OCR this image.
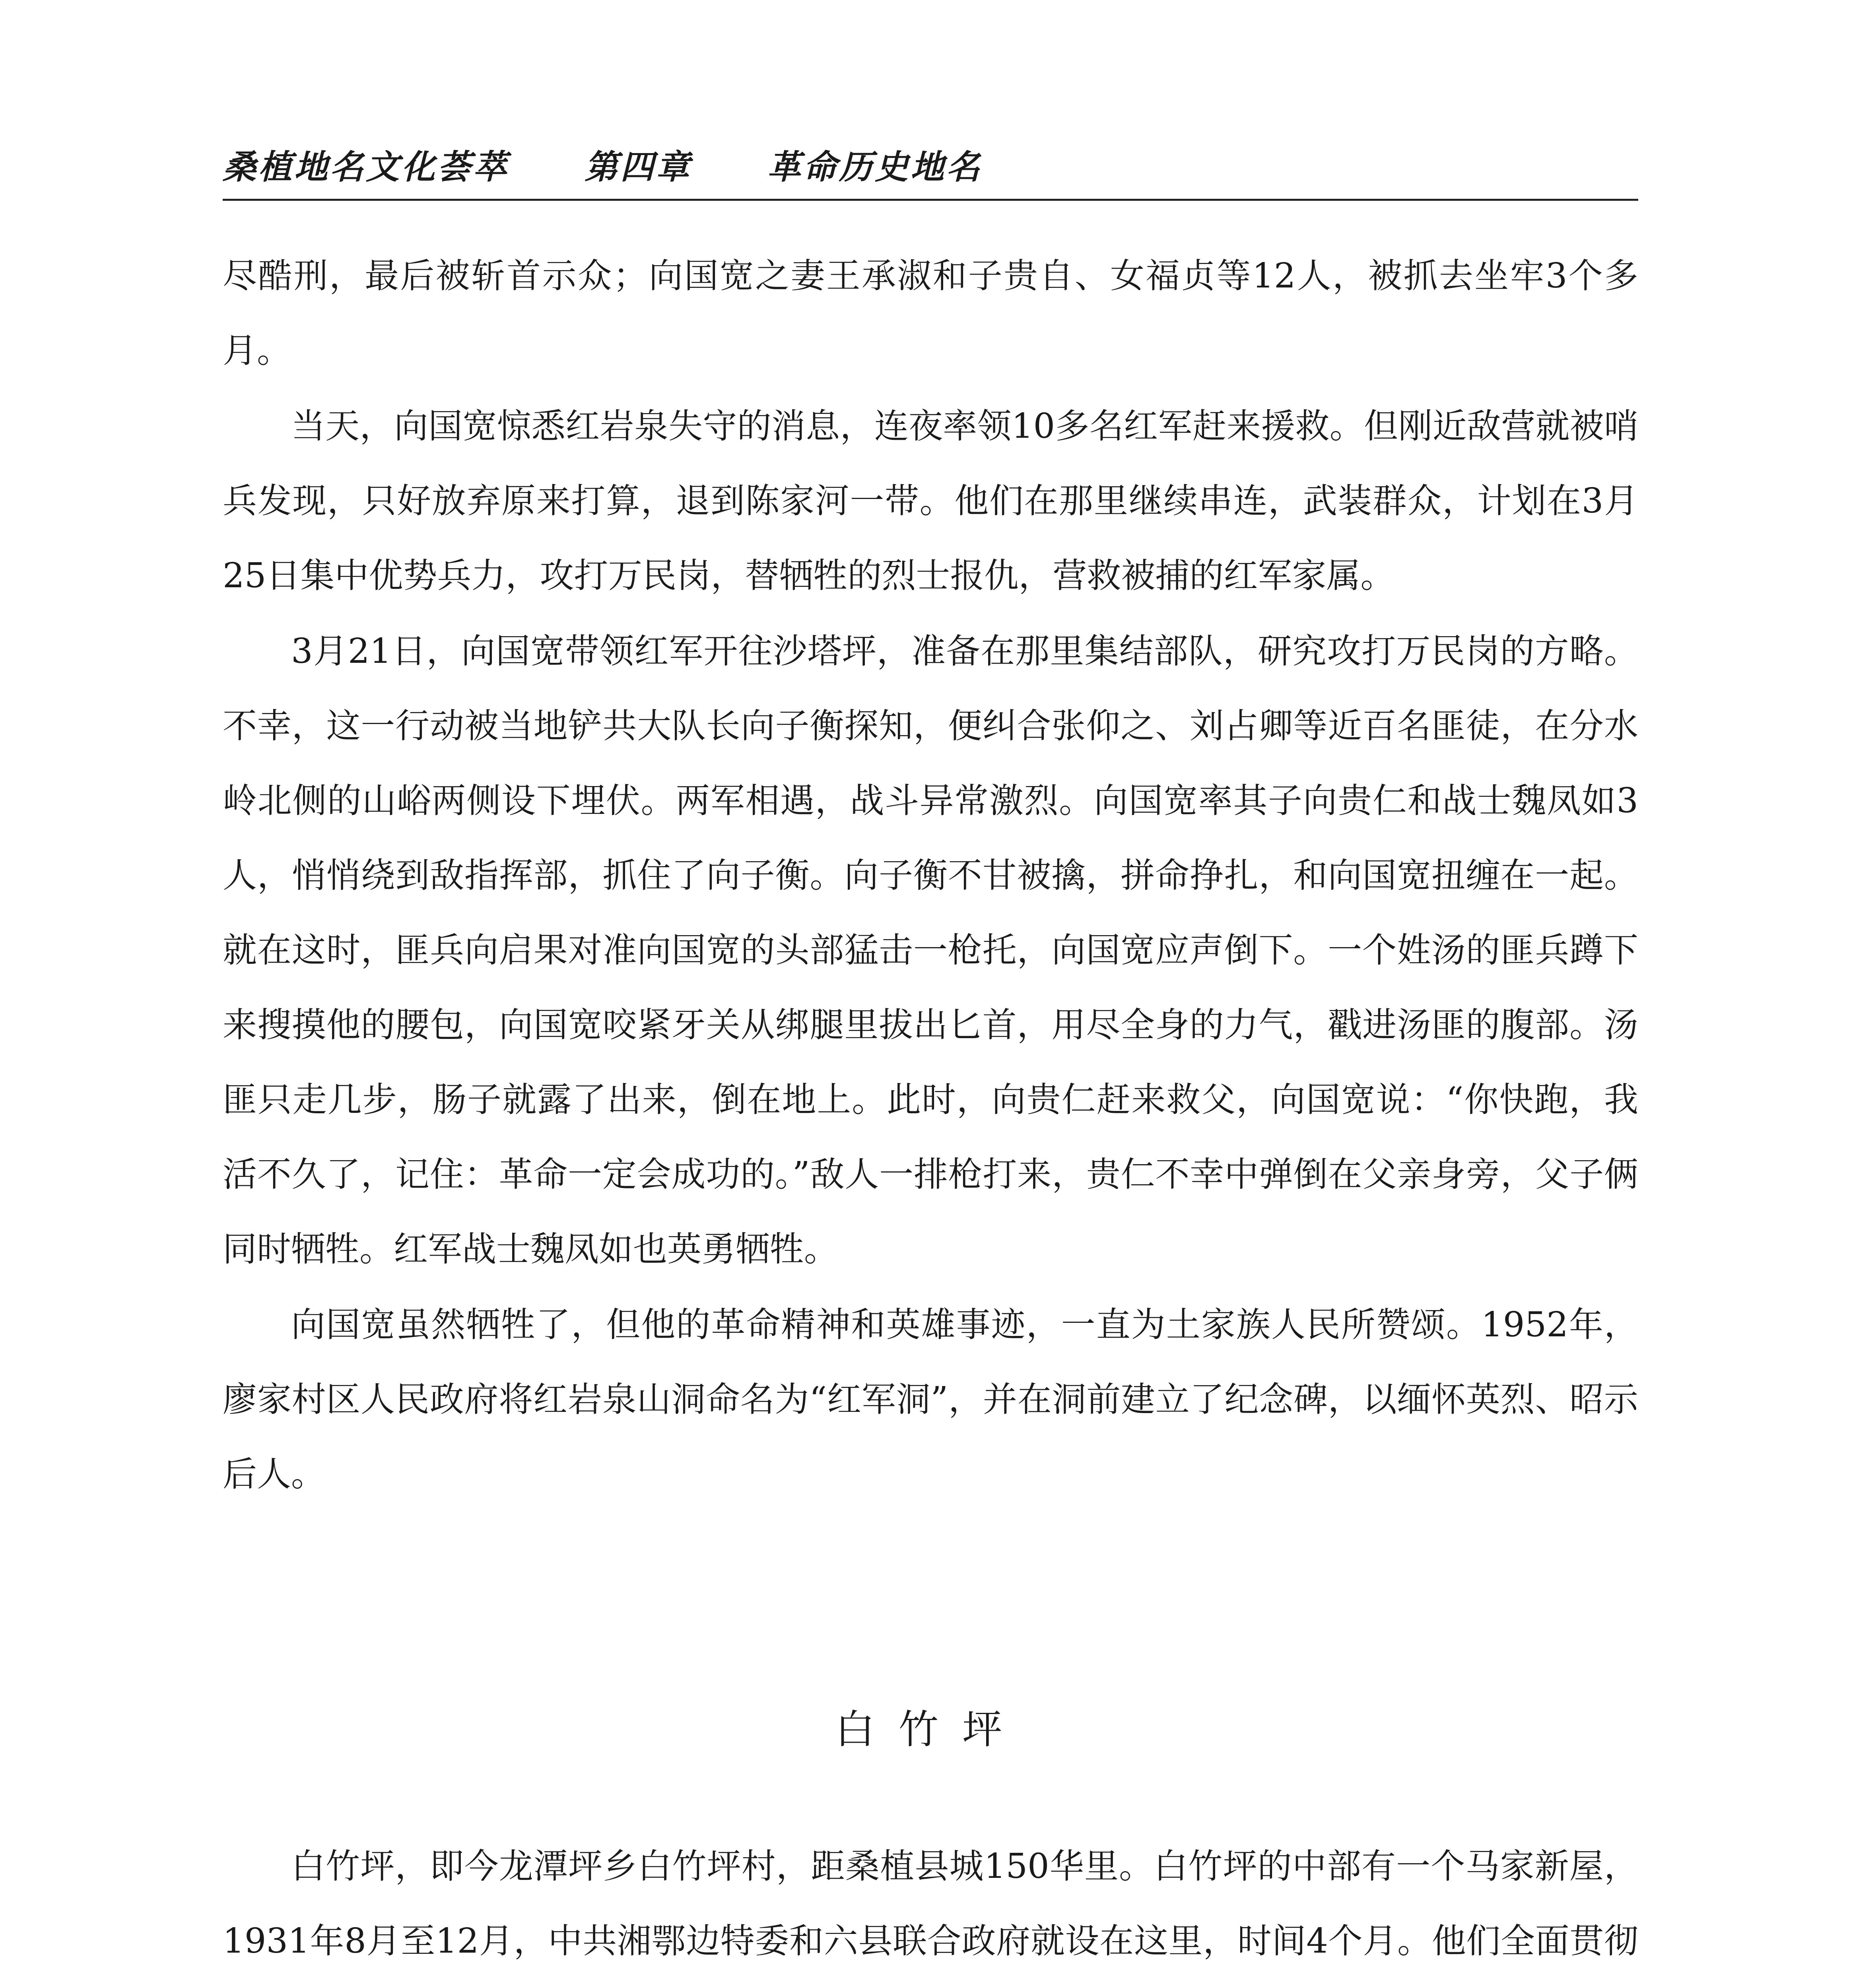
桑植地名文化荟萃 第四章 革命历史地名

尽酷刑，最后被斩首示众；向国宽之妻王承淑和子贵自、女福贞等12人，被抓去坐牢3个多月。

当天，向国宽惊悉红岩泉失守的消息，连夜率领10多名红军赶来援救。但刚近敌营就被哨兵发现，只好放弃原来打算，退到陈家河一带。他们在那里继续串连，武装群众，计划在3月25日集中优势兵力，攻打万民岗，替牺牲的烈士报仇，营救被捕的红军家属。

3月21日，向国宽带领红军开往沙塔坪，准备在那里集结部队，研究攻打万民岗的方略。不幸，这一行动被当地铲共大队长向子衡探知，便纠合张仰之、刘占卿等近百名匪徒，在分水岭北侧的山峪两侧设下埋伏。两军相遇，战斗异常激烈。向国宽率其子向贵仁和战士魏凤如3人，悄悄绕到敌指挥部，抓住了向子衡。向子衡不甘被擒，拼命挣扎，和向国宽扭缠在一起。就在这时，匪兵向启果对准向国宽的头部猛击一枪托，向国宽应声倒下。一个姓汤的匪兵蹲下来搜摸他的腰包，向国宽咬紧牙关从绑腿里拔出匕首，用尽全身的力气，戳进汤匪的腹部。汤匪只走几步，肠子就露了出来，倒在地上。此时，向贵仁赶来救父，向国宽说：“你快跑，我活不久了，记住：革命一定会成功的。”敌人一排枪打来，贵仁不幸中弹倒在父亲身旁，父子俩同时牺牲。红军战士魏凤如也英勇牺牲。

向国宽虽然牺牲了，但他的革命精神和英雄事迹，一直为土家族人民所赞颂。1952年，廖家村区人民政府将红岩泉山洞命名为“红军洞”，并在洞前建立了纪念碑，以缅怀英烈、昭示后人。

白竹坪

白竹坪，即今龙潭坪乡白竹坪村，距桑植县城150华里。白竹坪的中部有一个马家新屋，1931年8月至12月，中共湘鄂边特委和六县联合政府就设在这里，时间4个月。他们全面贯彻
